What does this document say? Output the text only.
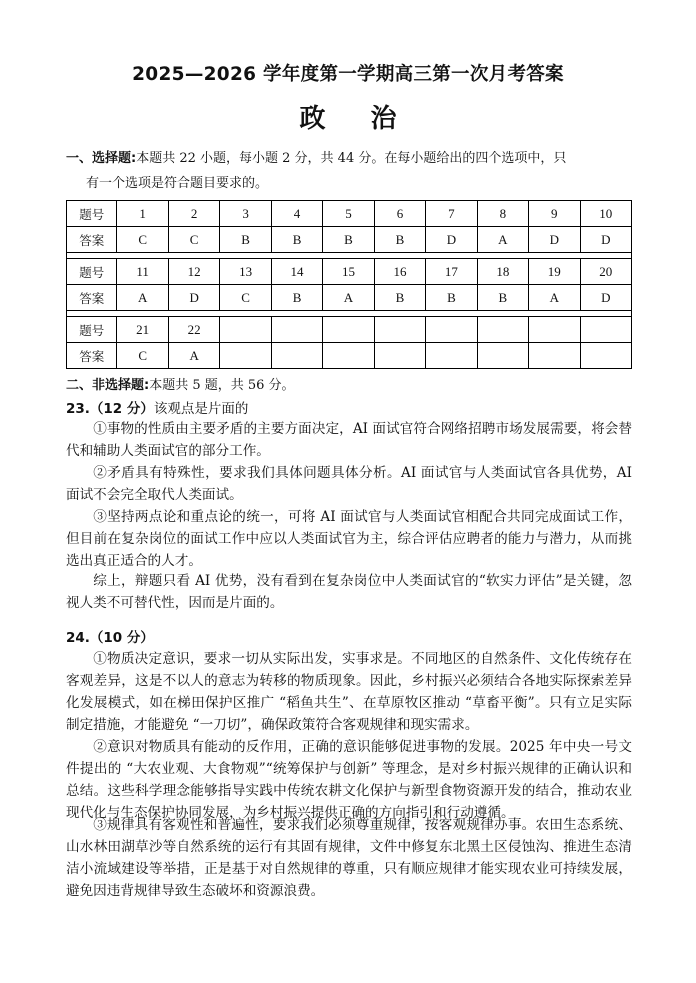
2025—2026 学年度第一学期高三第一次月考答案
政 治
一、选择题:本题共 22 小题，每小题 2 分，共 44 分。在每小题给出的四个选项中，只
有一个选项是符合题目要求的。
题号	1	2	3	4	5	6	7	8	9	10
答案	C	C	B	B	B	B	D	A	D	D

题号	11	12	13	14	15	16	17	18	19	20
答案	A	D	C	B	A	B	B	B	A	D

题号	21	22								
答案	C	A								
二、非选择题:本题共 5 题，共 56 分。
23.（12 分）该观点是片面的
①事物的性质由主要矛盾的主要方面决定，AI 面试官符合网络招聘市场发展需要，将会替代和辅助人类面试官的部分工作。
②矛盾具有特殊性，要求我们具体问题具体分析。AI 面试官与人类面试官各具优势，AI 面试不会完全取代人类面试。
③坚持两点论和重点论的统一，可将 AI 面试官与人类面试官相配合共同完成面试工作，但目前在复杂岗位的面试工作中应以人类面试官为主，综合评估应聘者的能力与潜力，从而挑选出真正适合的人才。
综上，辩题只看 AI 优势，没有看到在复杂岗位中人类面试官的“软实力评估”是关键，忽视人类不可替代性，因而是片面的。
24.（10 分）
①物质决定意识，要求一切从实际出发，实事求是。不同地区的自然条件、文化传统存在客观差异，这是不以人的意志为转移的物质现象。因此，乡村振兴必须结合各地实际探索差异化发展模式，如在梯田保护区推广 “稻鱼共生”、在草原牧区推动 “草畜平衡”。只有立足实际制定措施，才能避免 “一刀切”，确保政策符合客观规律和现实需求。
②意识对物质具有能动的反作用，正确的意识能够促进事物的发展。2025 年中央一号文件提出的 “大农业观、大食物观”“统筹保护与创新” 等理念，是对乡村振兴规律的正确认识和总结。这些科学理念能够指导实践中传统农耕文化保护与新型食物资源开发的结合，推动农业现代化与生态保护协同发展，为乡村振兴提供正确的方向指引和行动遵循。
③规律具有客观性和普遍性，要求我们必须尊重规律，按客观规律办事。农田生态系统、山水林田湖草沙等自然系统的运行有其固有规律，文件中修复东北黑土区侵蚀沟、推进生态清洁小流域建设等举措，正是基于对自然规律的尊重，只有顺应规律才能实现农业可持续发展，避免因违背规律导致生态破坏和资源浪费。
